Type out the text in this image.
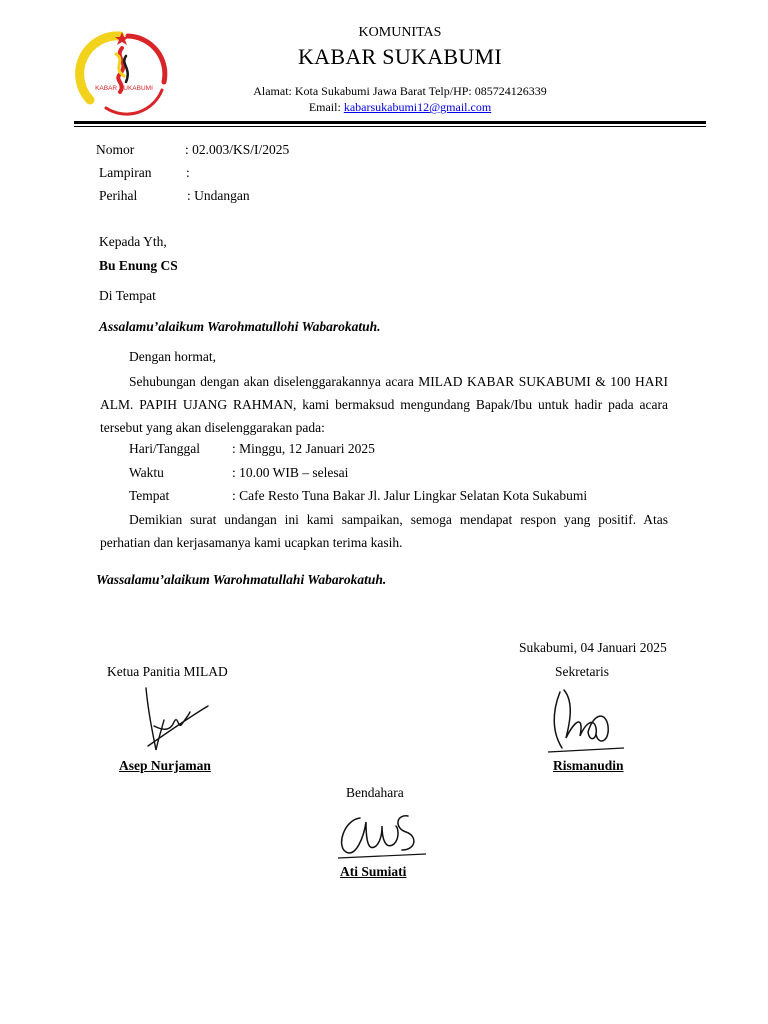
KABAR SUKABUMI
KOMUNITAS
KABAR SUKABUMI
Alamat: Kota Sukabumi Jawa Barat Telp/HP: 085724126339
Email: kabarsukabumi12@gmail.com
Nomor	: 02.003/KS/I/2025
Lampiran	:
Perihal	: Undangan
Kepada Yth,
Bu Enung CS
Di Tempat
Assalamu’alaikum Warohmatullohi Wabarokatuh.
Dengan hormat,
Sehubungan dengan akan diselenggarakannya acara MILAD KABAR SUKABUMI & 100 HARI ALM. PAPIH UJANG RAHMAN, kami bermaksud mengundang Bapak/Ibu untuk hadir pada acara tersebut yang akan diselenggarakan pada:
Hari/Tanggal : Minggu, 12 Januari 2025
Waktu	: 10.00 WIB – selesai
Tempat	: Cafe Resto Tuna Bakar Jl. Jalur Lingkar Selatan Kota Sukabumi
Demikian surat undangan ini kami sampaikan, semoga mendapat respon yang positif. Atas perhatian dan kerjasamanya kami ucapkan terima kasih.
Wassalamu’alaikum Warohmatullahi Wabarokatuh.
Sukabumi, 04 Januari 2025
Ketua Panitia MILAD	Sekretaris
Asep Nurjaman	Rismanudin
Bendahara
Ati Sumiati
